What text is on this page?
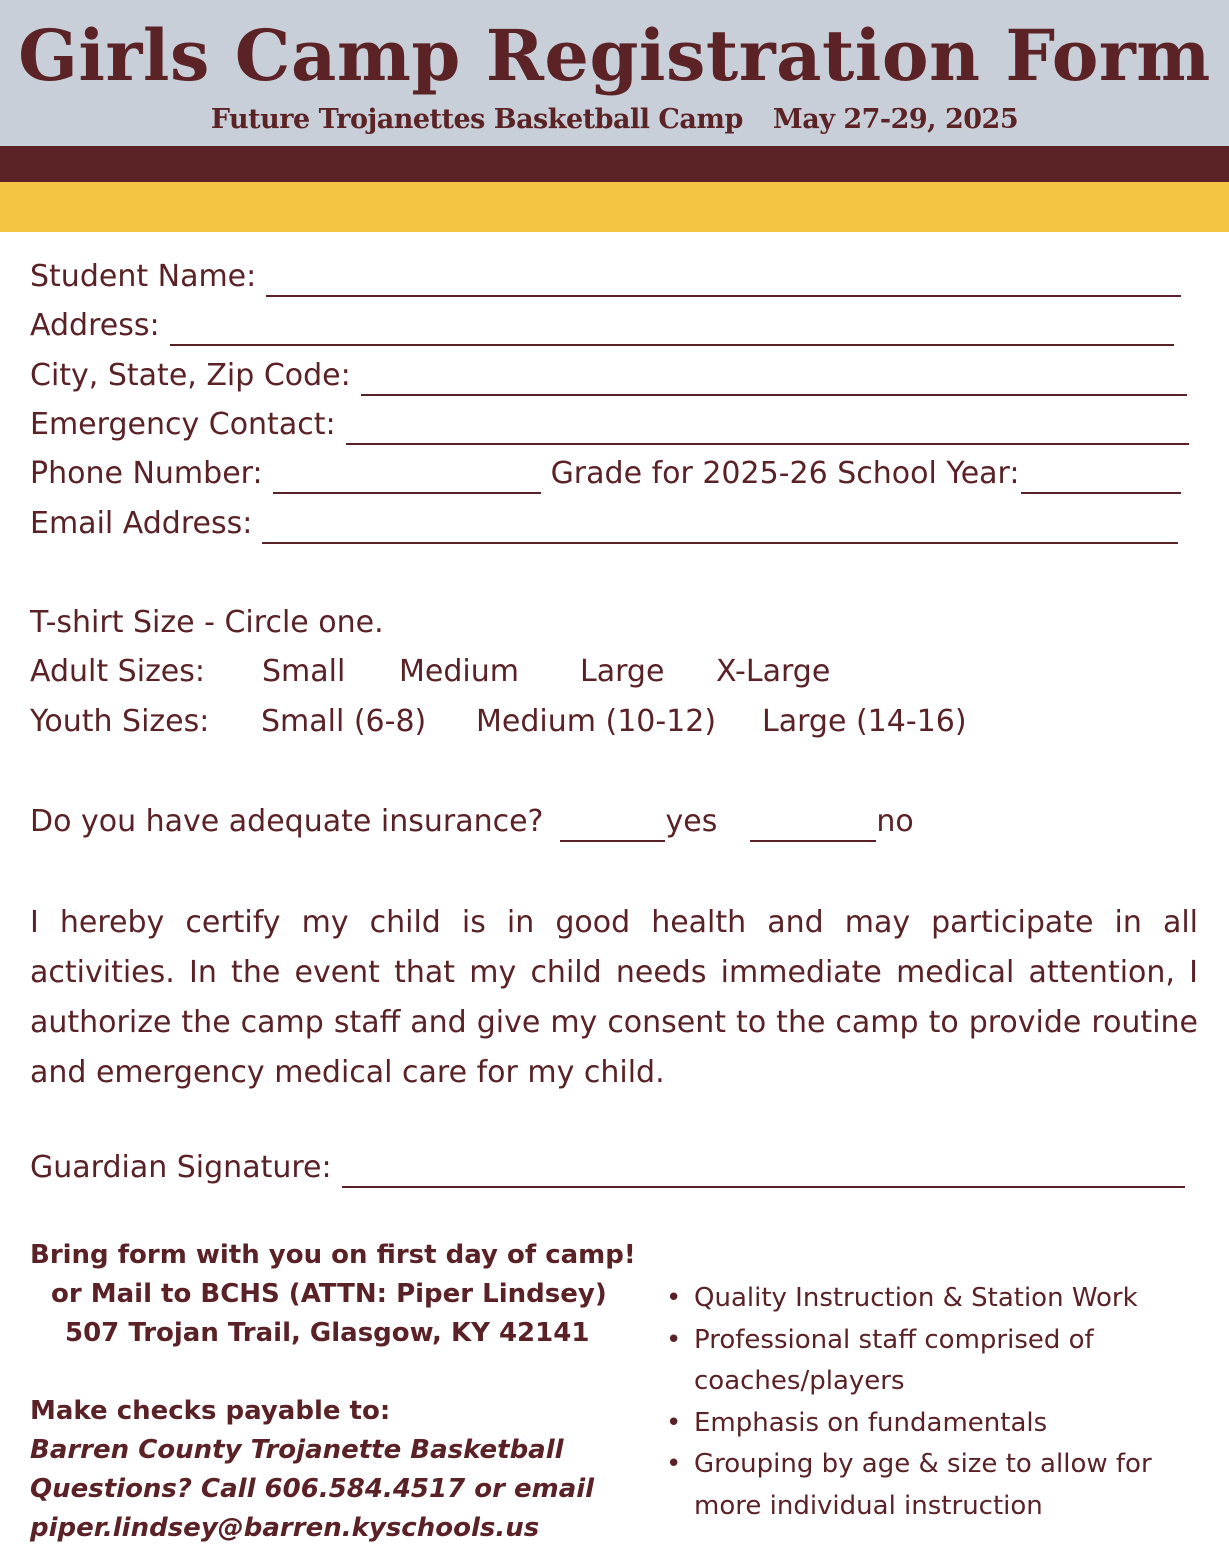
Girls Camp Registration Form
Future Trojanettes Basketball Camp May 27-29, 2025
Student Name:
Address:
City, State, Zip Code:
Emergency Contact:
Phone Number:	Grade for 2025-26 School Year:
Email Address:
T-shirt Size - Circle one.
Adult Sizes: Small Medium Large X-Large
Youth Sizes: Small (6-8) Medium (10-12) Large (14-16)
Do you have adequate insurance?	yes	no
I hereby certify my child is in good health and may participate in all activities. In the event that my child needs immediate medical attention, I authorize the camp staff and give my consent to the camp to provide routine and emergency medical care for my child.
Guardian Signature:
Bring form with you on first day of camp!
or Mail to BCHS (ATTN: Piper Lindsey)
507 Trojan Trail, Glasgow, KY 42141
Make checks payable to:
Barren County Trojanette Basketball
Questions? Call 606.584.4517 or email
piper.lindsey@barren.kyschools.us
• Quality Instruction & Station Work
• Professional staff comprised of coaches/players
• Emphasis on fundamentals
• Grouping by age & size to allow for more individual instruction
